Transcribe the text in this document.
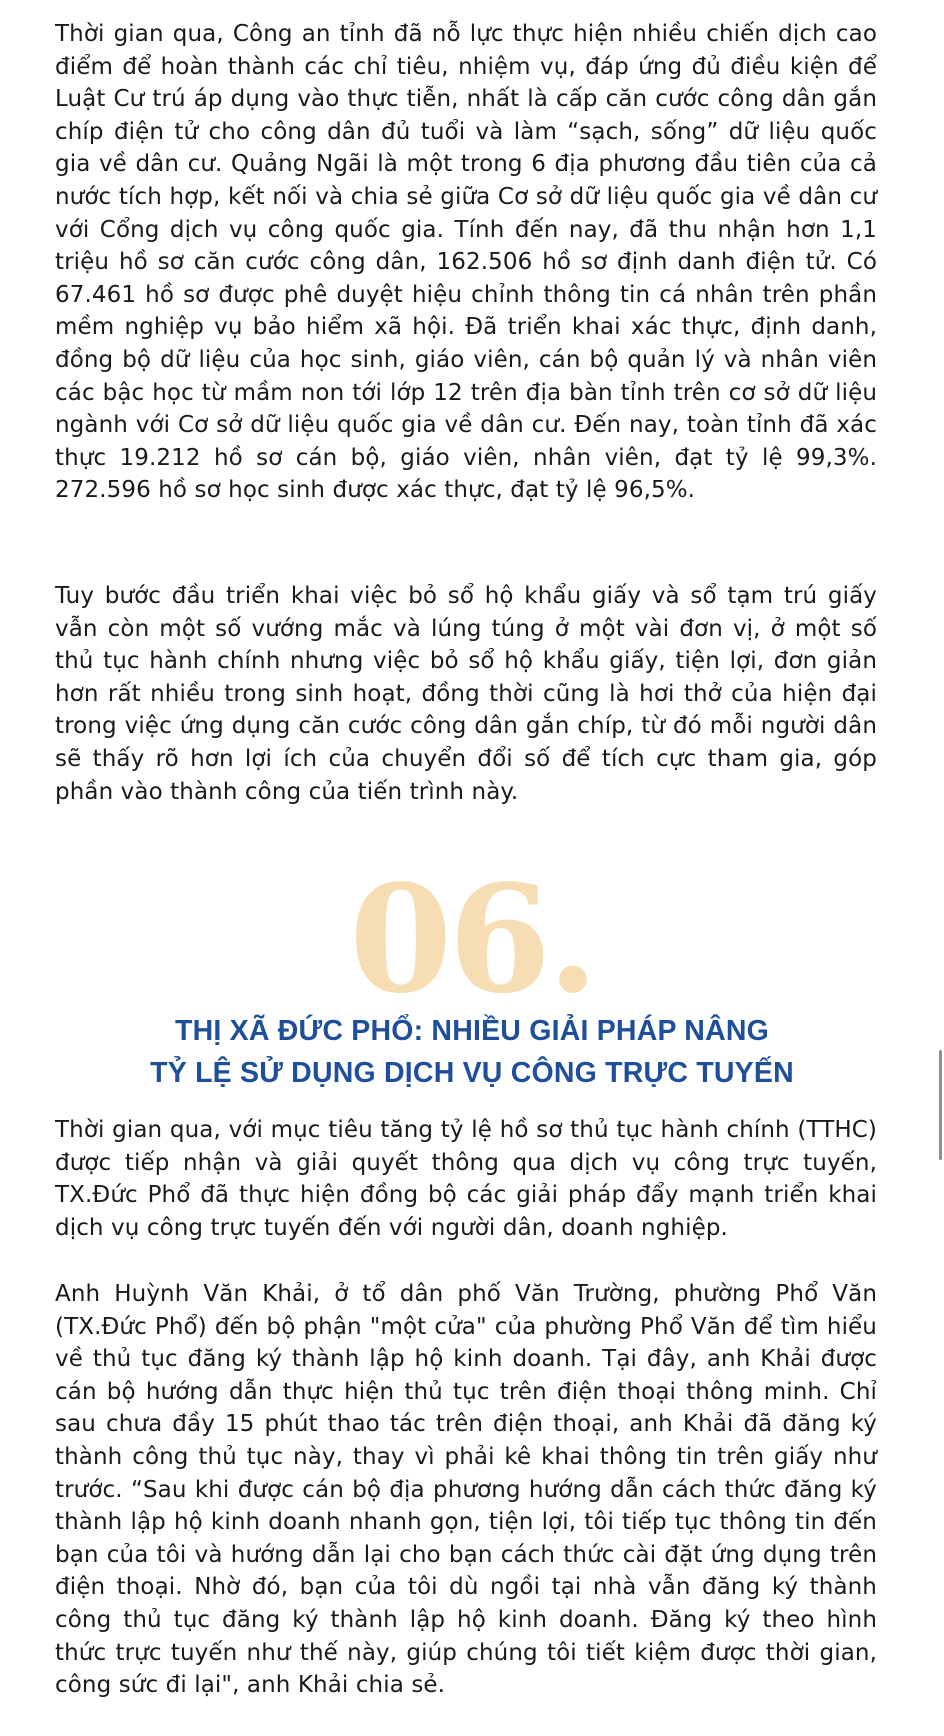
Thời gian qua, Công an tỉnh đã nỗ lực thực hiện nhiều chiến dịch cao điểm để hoàn thành các chỉ tiêu, nhiệm vụ, đáp ứng đủ điều kiện để Luật Cư trú áp dụng vào thực tiễn, nhất là cấp căn cước công dân gắn chíp điện tử cho công dân đủ tuổi và làm “sạch, sống” dữ liệu quốc gia về dân cư. Quảng Ngãi là một trong 6 địa phương đầu tiên của cả nước tích hợp, kết nối và chia sẻ giữa Cơ sở dữ liệu quốc gia về dân cư với Cổng dịch vụ công quốc gia. Tính đến nay, đã thu nhận hơn 1,1 triệu hồ sơ căn cước công dân, 162.506 hồ sơ định danh điện tử. Có 67.461 hồ sơ được phê duyệt hiệu chỉnh thông tin cá nhân trên phần mềm nghiệp vụ bảo hiểm xã hội. Đã triển khai xác thực, định danh, đồng bộ dữ liệu của học sinh, giáo viên, cán bộ quản lý và nhân viên các bậc học từ mầm non tới lớp 12 trên địa bàn tỉnh trên cơ sở dữ liệu ngành với Cơ sở dữ liệu quốc gia về dân cư. Đến nay, toàn tỉnh đã xác thực 19.212 hồ sơ cán bộ, giáo viên, nhân viên, đạt tỷ lệ 99,3%. 272.596 hồ sơ học sinh được xác thực, đạt tỷ lệ 96,5%.

Tuy bước đầu triển khai việc bỏ sổ hộ khẩu giấy và sổ tạm trú giấy vẫn còn một số vướng mắc và lúng túng ở một vài đơn vị, ở một số thủ tục hành chính nhưng việc bỏ sổ hộ khẩu giấy, tiện lợi, đơn giản hơn rất nhiều trong sinh hoạt, đồng thời cũng là hơi thở của hiện đại trong việc ứng dụng căn cước công dân gắn chíp, từ đó mỗi người dân sẽ thấy rõ hơn lợi ích của chuyển đổi số để tích cực tham gia, góp phần vào thành công của tiến trình này.

06.
THỊ XÃ ĐỨC PHỔ: NHIỀU GIẢI PHÁP NÂNG
TỶ LỆ SỬ DỤNG DỊCH VỤ CÔNG TRỰC TUYẾN

Thời gian qua, với mục tiêu tăng tỷ lệ hồ sơ thủ tục hành chính (TTHC) được tiếp nhận và giải quyết thông qua dịch vụ công trực tuyến, TX.Đức Phổ đã thực hiện đồng bộ các giải pháp đẩy mạnh triển khai dịch vụ công trực tuyến đến với người dân, doanh nghiệp.

Anh Huỳnh Văn Khải, ở tổ dân phố Văn Trường, phường Phổ Văn (TX.Đức Phổ) đến bộ phận "một cửa" của phường Phổ Văn để tìm hiểu về thủ tục đăng ký thành lập hộ kinh doanh. Tại đây, anh Khải được cán bộ hướng dẫn thực hiện thủ tục trên điện thoại thông minh. Chỉ sau chưa đầy 15 phút thao tác trên điện thoại, anh Khải đã đăng ký thành công thủ tục này, thay vì phải kê khai thông tin trên giấy như trước. “Sau khi được cán bộ địa phương hướng dẫn cách thức đăng ký thành lập hộ kinh doanh nhanh gọn, tiện lợi, tôi tiếp tục thông tin đến bạn của tôi và hướng dẫn lại cho bạn cách thức cài đặt ứng dụng trên điện thoại. Nhờ đó, bạn của tôi dù ngồi tại nhà vẫn đăng ký thành công thủ tục đăng ký thành lập hộ kinh doanh. Đăng ký theo hình thức trực tuyến như thế này, giúp chúng tôi tiết kiệm được thời gian, công sức đi lại", anh Khải chia sẻ.
